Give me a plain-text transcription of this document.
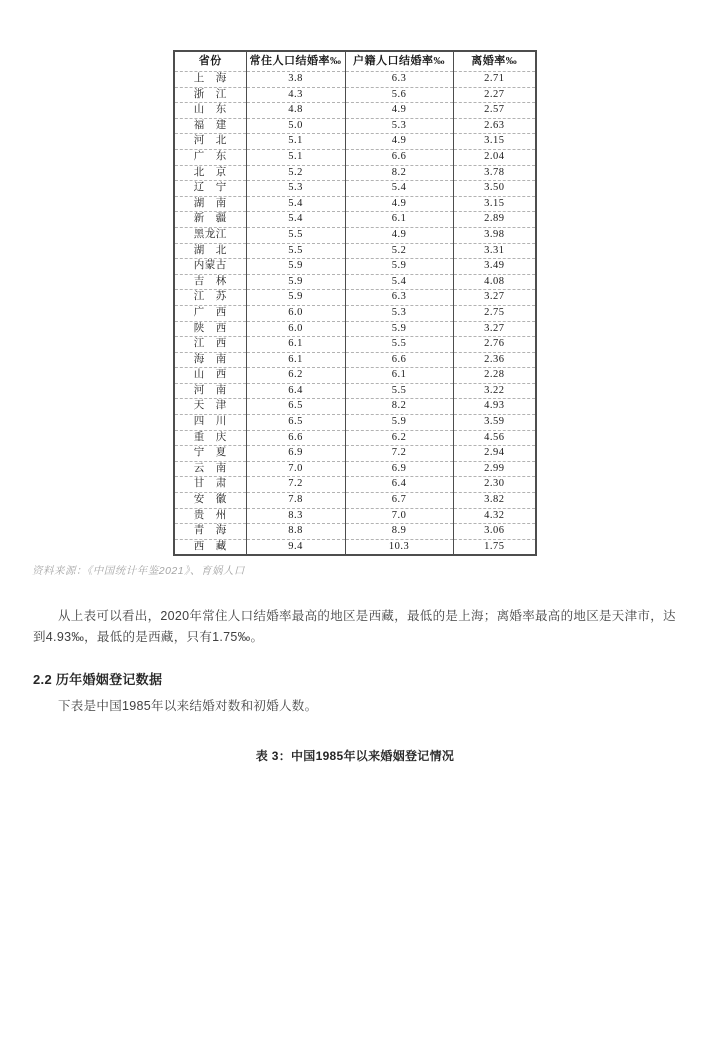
省份	常住人口结婚率‰	户籍人口结婚率‰	离婚率‰
上　海	3.8	6.3	2.71
浙　江	4.3	5.6	2.27
山　东	4.8	4.9	2.57
福　建	5.0	5.3	2.63
河　北	5.1	4.9	3.15
广　东	5.1	6.6	2.04
北　京	5.2	8.2	3.78
辽　宁	5.3	5.4	3.50
湖　南	5.4	4.9	3.15
新　疆	5.4	6.1	2.89
黑龙江	5.5	4.9	3.98
湖　北	5.5	5.2	3.31
内蒙古	5.9	5.9	3.49
吉　林	5.9	5.4	4.08
江　苏	5.9	6.3	3.27
广　西	6.0	5.3	2.75
陕　西	6.0	5.9	3.27
江　西	6.1	5.5	2.76
海　南	6.1	6.6	2.36
山　西	6.2	6.1	2.28
河　南	6.4	5.5	3.22
天　津	6.5	8.2	4.93
四　川	6.5	5.9	3.59
重　庆	6.6	6.2	4.56
宁　夏	6.9	7.2	2.94
云　南	7.0	6.9	2.99
甘　肃	7.2	6.4	2.30
安　徽	7.8	6.7	3.82
贵　州	8.3	7.0	4.32
青　海	8.8	8.9	3.06
西　藏	9.4	10.3	1.75
资料来源：《中国统计年鉴2021》、育娲人口

从上表可以看出，2020年常住人口结婚率最高的地区是西藏，最低的是上海；离婚率最高的地区是天津市，达到4.93‰，最低的是西藏，只有1.75‰。

2.2 历年婚姻登记数据

下表是中国1985年以来结婚对数和初婚人数。

表 3：中国1985年以来婚姻登记情况
